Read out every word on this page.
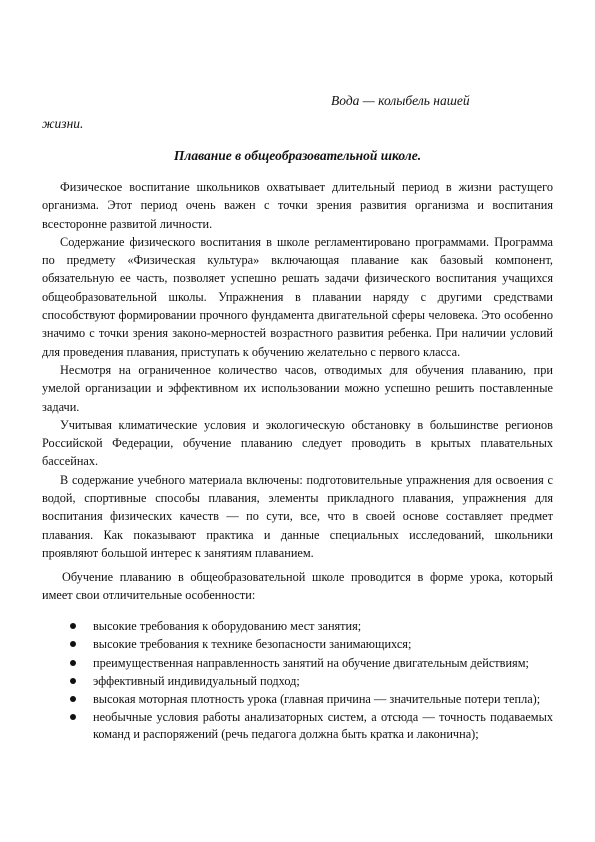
Вода — колыбель нашей
жизни.
Плавание в общеобразовательной школе.

Физическое воспитание школьников охватывает длительный период в жизни растущего организма. Этот период очень важен с точки зрения развития организма и воспитания всесторонне развитой личности.

Содержание физического воспитания в школе регламентировано программами. Программа по предмету «Физическая культура» включающая плавание как базовый компонент, обязательную ее часть, позволяет успешно решать задачи физического воспитания учащихся общеобразовательной школы. Упражнения в плавании наряду с другими средствами способствуют формировании прочного фундамента двигательной сферы человека. Это особенно значимо с точки зрения законо-мерностей возрастного развития ребенка. При наличии условий для проведения плавания, приступать к обучению желательно с первого класса.

Несмотря на ограниченное количество часов, отводимых для обучения плаванию, при умелой организации и эффективном их использовании можно успешно решить поставленные задачи.

Учитывая климатические условия и экологическую обстановку в большинстве регионов Российской Федерации, обучение плаванию следует проводить в крытых плавательных бассейнах.

В содержание учебного материала включены: подготовительные упражнения для освоения с водой, спортивные способы плавания, элементы прикладного плавания, упражнения для воспитания физических качеств — по сути, все, что в своей основе составляет предмет плавания. Как показывают практика и данные специальных исследований, школьники проявляют большой интерес к занятиям плаванием.

Обучение плаванию в общеобразовательной школе проводится в форме урока, который имеет свои отличительные особенности:
высокие требования к оборудованию мест занятия;
высокие требования к технике безопасности занимающихся;
преимущественная направленность занятий на обучение двигательным действиям;
эффективный индивидуальный подход;
высокая моторная плотность урока (главная причина — значительные потери тепла);
необычные условия работы анализаторных систем, а отсюда — точность подаваемых команд и распоряжений (речь педагога должна быть кратка и лаконична);
